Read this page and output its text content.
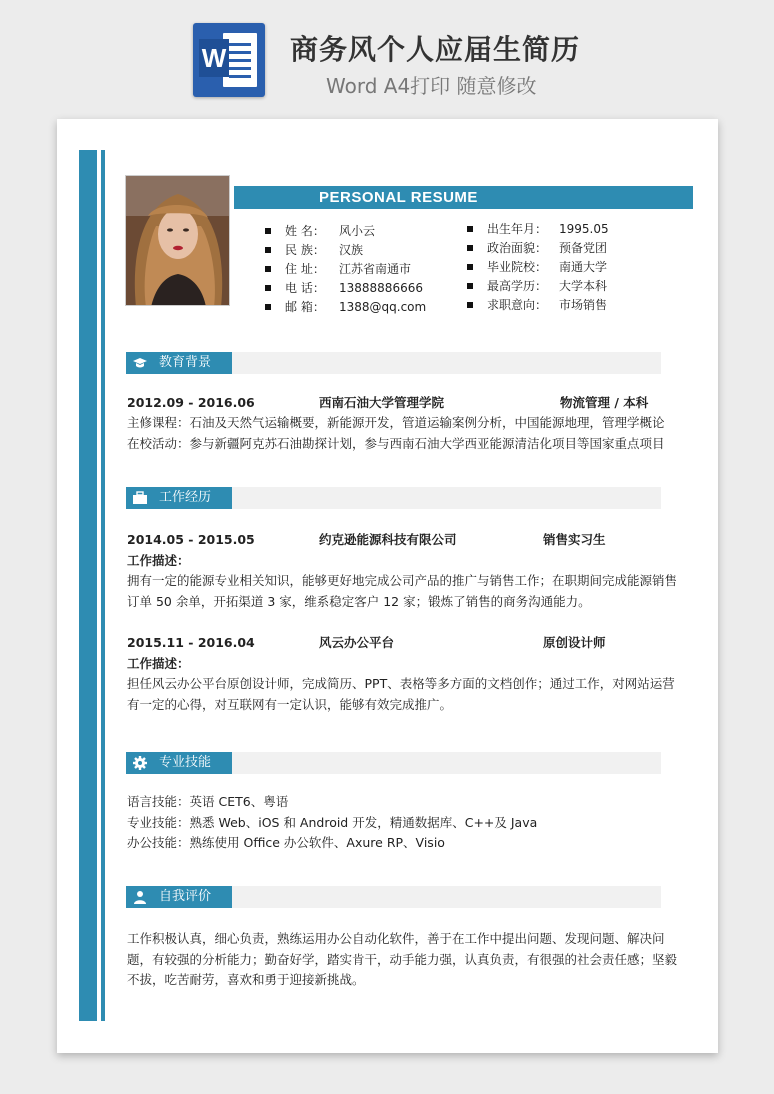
W 商务风个人应届生简历
Word A4打印 随意修改
PERSONAL RESUME
姓 名： 风小云
民 族： 汉族
住 址： 江苏省南通市
电 话： 13888886666
邮 箱： 1388@qq.com
出生年月： 1995.05
政治面貌： 预备党团
毕业院校： 南通大学
最高学历： 大学本科
求职意向： 市场销售
教育背景
2012.09 - 2016.06	西南石油大学管理学院	物流管理 / 本科
主修课程：石油及天然气运输概要，新能源开发，管道运输案例分析，中国能源地理，管理学概论
在校活动：参与新疆阿克苏石油勘探计划，参与西南石油大学西亚能源清洁化项目等国家重点项目
工作经历
2014.05 - 2015.05	约克逊能源科技有限公司	销售实习生
工作描述：
拥有一定的能源专业相关知识，能够更好地完成公司产品的推广与销售工作；在职期间完成能源销售订单 50 余单，开拓渠道 3 家，维系稳定客户 12 家；锻炼了销售的商务沟通能力。
2015.11 - 2016.04	风云办公平台	原创设计师
工作描述：
担任风云办公平台原创设计师，完成简历、PPT、表格等多方面的文档创作；通过工作，对网站运营有一定的心得，对互联网有一定认识，能够有效完成推广。
专业技能
语言技能：英语 CET6、粤语
专业技能：熟悉 Web、iOS 和 Android 开发，精通数据库、C++及 Java
办公技能：熟练使用 Office 办公软件、Axure RP、Visio
自我评价
工作积极认真，细心负责，熟练运用办公自动化软件，善于在工作中提出问题、发现问题、解决问题，有较强的分析能力；勤奋好学，踏实肯干，动手能力强，认真负责，有很强的社会责任感；坚毅不拔，吃苦耐劳，喜欢和勇于迎接新挑战。
